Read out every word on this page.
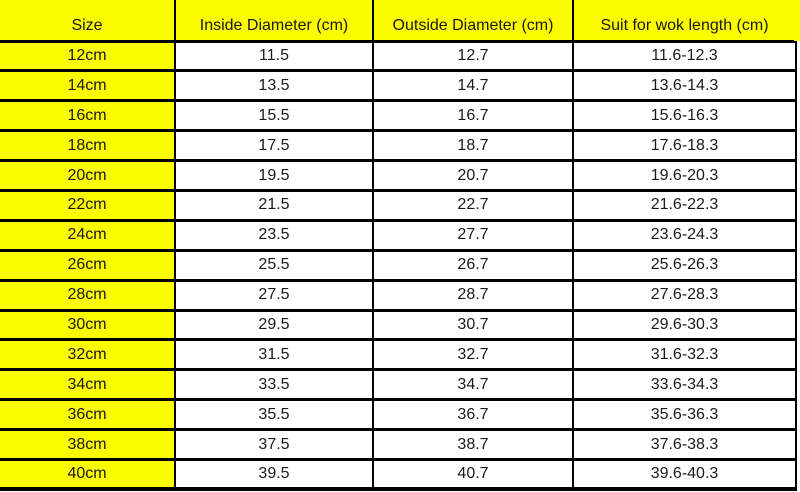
Size	Inside Diameter (cm)	Outside Diameter (cm)	Suit for wok length (cm)
12cm	11.5	12.7	11.6-12.3
14cm	13.5	14.7	13.6-14.3
16cm	15.5	16.7	15.6-16.3
18cm	17.5	18.7	17.6-18.3
20cm	19.5	20.7	19.6-20.3
22cm	21.5	22.7	21.6-22.3
24cm	23.5	27.7	23.6-24.3
26cm	25.5	26.7	25.6-26.3
28cm	27.5	28.7	27.6-28.3
30cm	29.5	30.7	29.6-30.3
32cm	31.5	32.7	31.6-32.3
34cm	33.5	34.7	33.6-34.3
36cm	35.5	36.7	35.6-36.3
38cm	37.5	38.7	37.6-38.3
40cm	39.5	40.7	39.6-40.3
